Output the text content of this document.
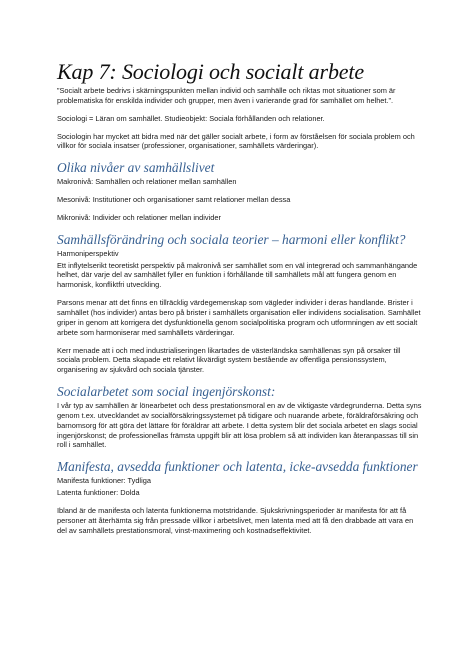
Kap 7: Sociologi och socialt arbete

”Socialt arbete bedrivs i skärningspunkten mellan individ och samhälle och riktas mot situationer som är problematiska för enskilda individer och grupper, men även i varierande grad för samhället om helhet.”.

Sociologi = Läran om samhället. Studieobjekt: Sociala förhållanden och relationer.

Sociologin har mycket att bidra med när det gäller socialt arbete, i form av förståelsen för sociala problem och villkor för sociala insatser (professioner, organisationer, samhällets värderingar).

Olika nivåer av samhällslivet

Makronivå: Samhällen och relationer mellan samhällen

Mesonivå: Institutioner och organisationer samt relationer mellan dessa

Mikronivå: Individer och relationer mellan individer

Samhällsförändring och sociala teorier – harmoni eller konflikt?

Harmoniperspektiv

Ett inflytelserikt teoretiskt perspektiv på makronivå ser samhället som en väl integrerad och sammanhängande helhet, där varje del av samhället fyller en funktion i förhållande till samhällets mål att fungera genom en harmonisk, konfliktfri utveckling.

Parsons menar att det finns en tillräcklig värdegemenskap som vägleder individer i deras handlande. Brister i samhället (hos individer) antas bero på brister i samhällets organisation eller individens socialisation. Samhället griper in genom att korrigera det dysfunktionella genom socialpolitiska program och utformningen av ett socialt arbete som harmoniserar med samhällets värderingar.

Kerr menade att i och med industrialiseringen likartades de västerländska samhällenas syn på orsaker till sociala problem. Detta skapade ett relativt likvärdigt system bestående av offentliga pensionssystem, organisering av sjukvård och sociala tjänster.

Socialarbetet som social ingenjörskonst:

I vår typ av samhällen är lönearbetet och dess prestationsmoral en av de viktigaste värdegrunderna. Detta syns genom t.ex. utvecklandet av socialförsäkringssystemet på tidigare och nuarande arbete, föräldraförsäkring och barnomsorg för att göra det lättare för föräldrar att arbete. I detta system blir det sociala arbetet en slags social ingenjörskonst; de professionellas främsta uppgift blir att lösa problem så att individen kan återanpassas till sin roll i samhället.

Manifesta, avsedda funktioner och latenta, icke-avsedda funktioner

Manifesta funktioner: Tydliga

Latenta funktioner: Dolda

Ibland är de manifesta och latenta funktionerna motstridande. Sjukskrivningsperioder är manifesta för att få personer att återhämta sig från pressade villkor i arbetslivet, men latenta med att få den drabbade att vara en del av samhällets prestationsmoral, vinst-maximering och kostnadseffektivitet.
